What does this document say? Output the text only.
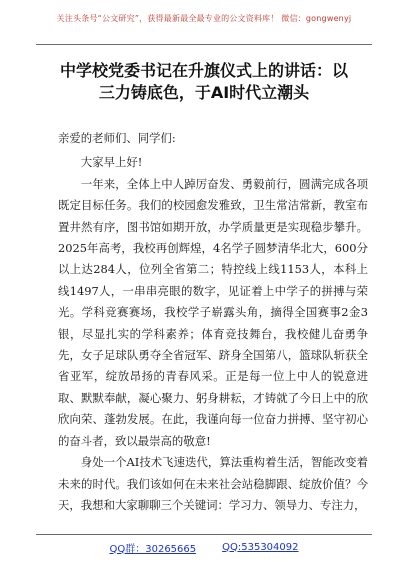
关注头条号“公文研究”，获得最新最全最专业的公文资料库！ 微信：gongwenyj
中学校党委书记在升旗仪式上的讲话：以
三力铸底色，于AI时代立潮头

亲爱的老师们、同学们:

大家早上好!

一年来，全体上中人踔厉奋发、勇毅前行，圆满完成各项既定目标任务。我们的校园愈发雅致，卫生常洁常新，教室布置井然有序，图书馆如期开放，办学质量更是实现稳步攀升。2025年高考，我校再创辉煌，4名学子圆梦清华北大，600分以上达284人，位列全省第二；特控线上线1153人，本科上线1497人，一串串亮眼的数字，见证着上中学子的拼搏与荣光。学科竞赛赛场，我校学子崭露头角，摘得全国赛事2金3银，尽显扎实的学科素养；体育竞技舞台，我校健儿奋勇争先，女子足球队勇夺全省冠军、跻身全国第八，篮球队斩获全省亚军，绽放昂扬的青春风采。正是每一位上中人的锐意进取、默默奉献，凝心聚力、躬身耕耘，才铸就了今日上中的欣欣向荣、蓬勃发展。在此，我谨向每一位奋力拼搏、坚守初心的奋斗者，致以最崇高的敬意!

身处一个AI技术飞速迭代，算法重构着生活，智能改变着未来的时代。我们该如何在未来社会站稳脚跟、绽放价值？今天，我想和大家聊聊三个关键词：学习力、领导力、专注力，

QQ群：30265665	QQ:535304092
